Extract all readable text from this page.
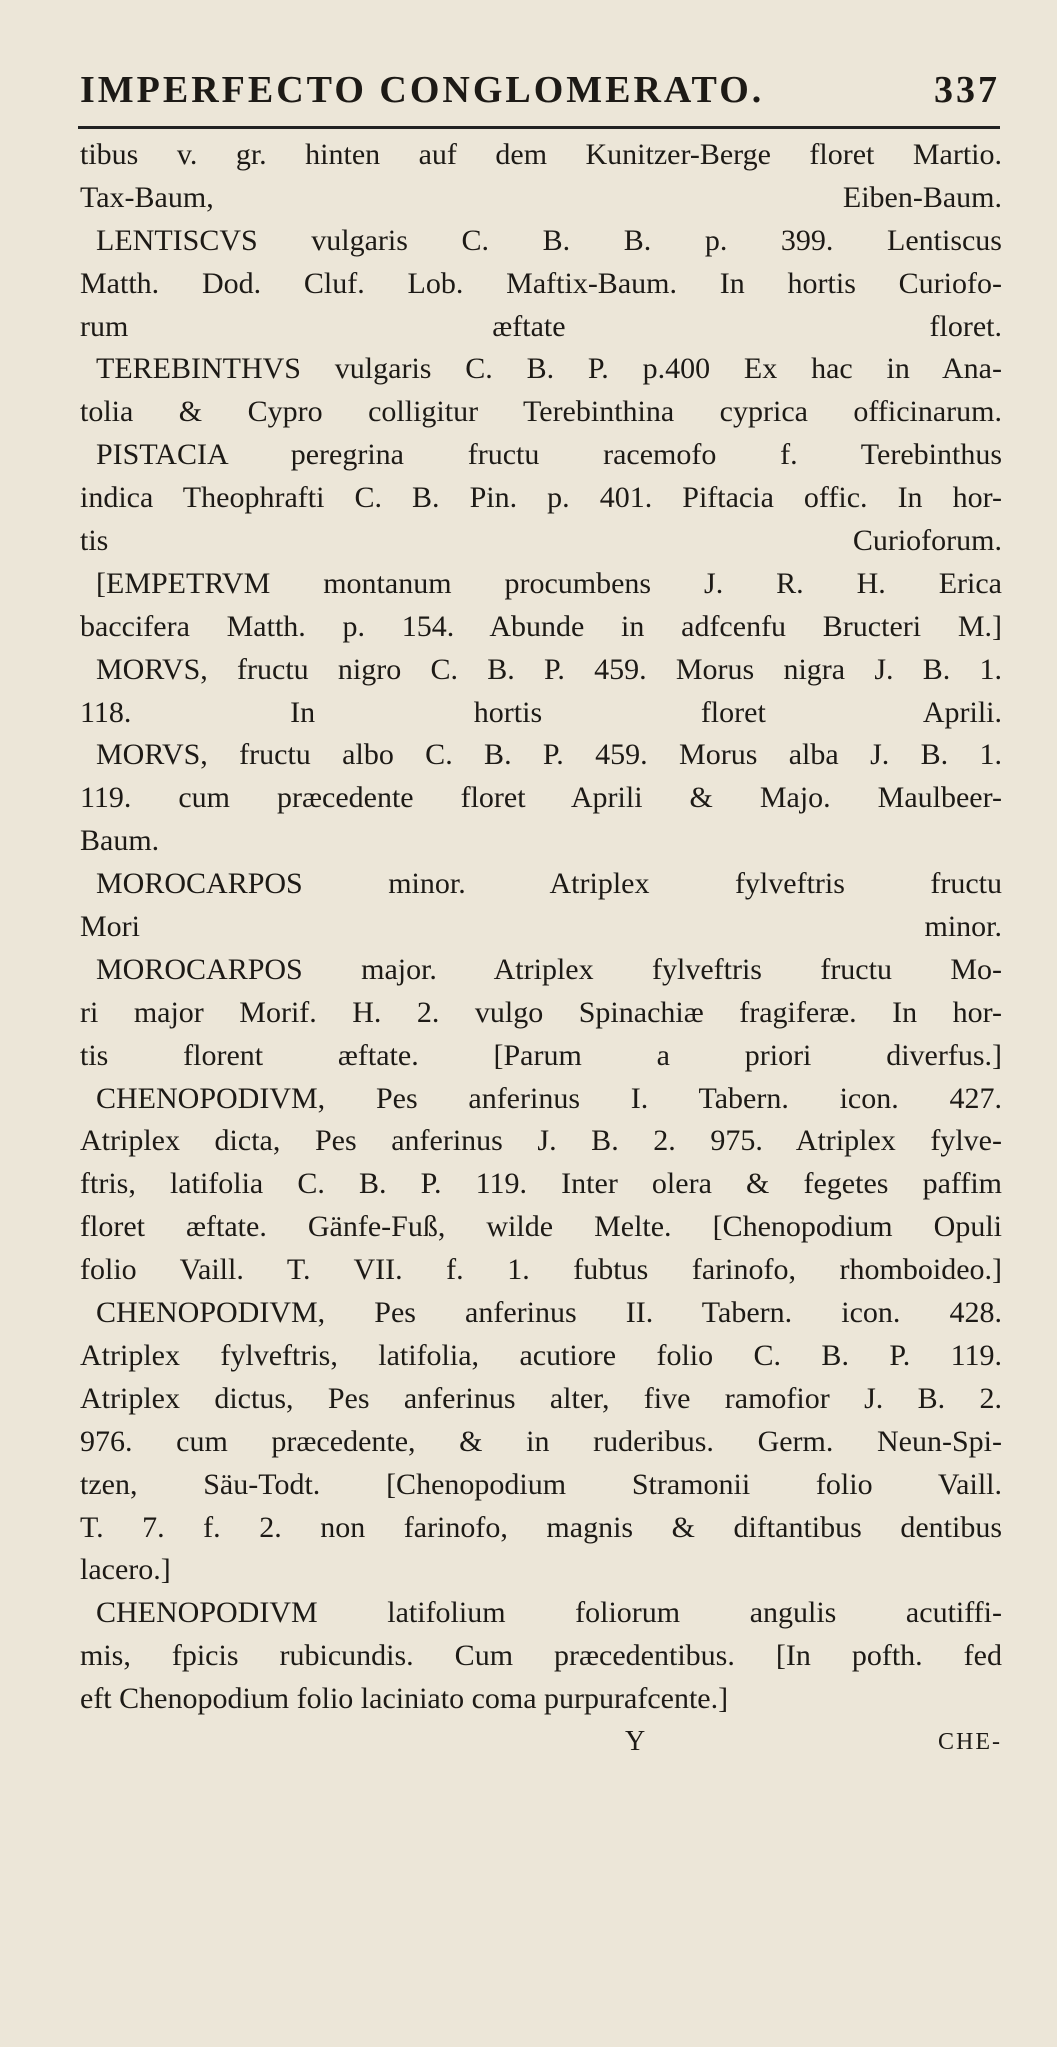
IMPERFECTO CONGLOMERATO.	337
tibus v. gr. hinten auf dem Kunitzer-Berge floret Martio.
Tax-Baum, Eiben-Baum.
LENTISCVS vulgaris C. B. B. p. 399. Lentiscus
Matth. Dod. Cluf. Lob. Maftix-Baum. In hortis Curiofo-
rum æftate floret.
TEREBINTHVS vulgaris C. B. P. p.400 Ex hac in Ana-
tolia & Cypro colligitur Terebinthina cyprica officinarum.
PISTACIA peregrina fructu racemofo f. Terebinthus
indica Theophrafti C. B. Pin. p. 401. Piftacia offic. In hor-
tis Curioforum.
[EMPETRVM montanum procumbens J. R. H. Erica
baccifera Matth. p. 154. Abunde in adfcenfu Bructeri M.]
MORVS, fructu nigro C. B. P. 459. Morus nigra J. B. 1.
118. In hortis floret Aprili.
MORVS, fructu albo C. B. P. 459. Morus alba J. B. 1.
119. cum præcedente floret Aprili & Majo. Maulbeer-
Baum.
MOROCARPOS minor. Atriplex fylveftris fructu
Mori minor.
MOROCARPOS major. Atriplex fylveftris fructu Mo-
ri major Morif. H. 2. vulgo Spinachiæ fragiferæ. In hor-
tis florent æftate. [Parum a priori diverfus.]
CHENOPODIVM, Pes anferinus I. Tabern. icon. 427.
Atriplex dicta, Pes anferinus J. B. 2. 975. Atriplex fylve-
ftris, latifolia C. B. P. 119. Inter olera & fegetes paffim
floret æftate. Gänfe-Fuß, wilde Melte. [Chenopodium Opuli
folio Vaill. T. VII. f. 1. fubtus farinofo, rhomboideo.]
CHENOPODIVM, Pes anferinus II. Tabern. icon. 428.
Atriplex fylveftris, latifolia, acutiore folio C. B. P. 119.
Atriplex dictus, Pes anferinus alter, five ramofior J. B. 2.
976. cum præcedente, & in ruderibus. Germ. Neun-Spi-
tzen, Säu-Todt. [Chenopodium Stramonii folio Vaill.
T. 7. f. 2. non farinofo, magnis & diftantibus dentibus
lacero.]
CHENOPODIVM latifolium foliorum angulis acutiffi-
mis, fpicis rubicundis. Cum præcedentibus. [In pofth. fed
eft Chenopodium folio laciniato coma purpurafcente.]
Y	CHE-
